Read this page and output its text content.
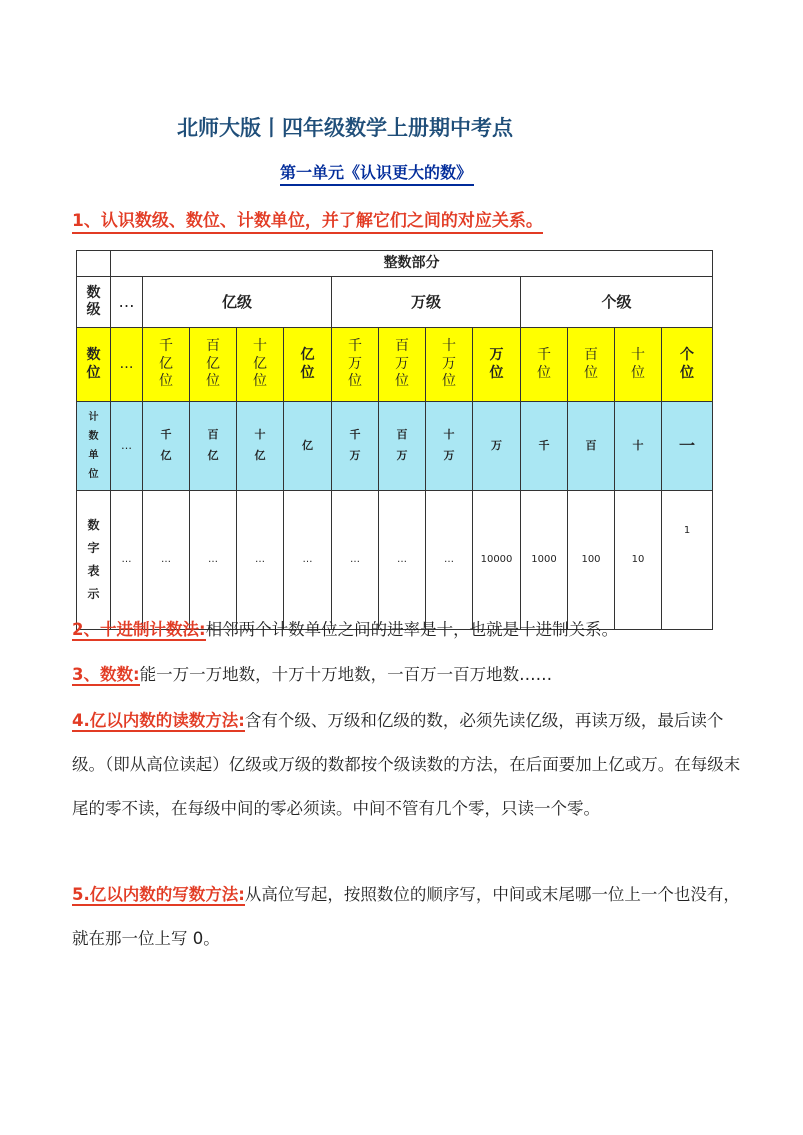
北师大版丨四年级数学上册期中考点
第一单元《认识更大的数》
1、认识数级、数位、计数单位，并了解它们之间的对应关系。
	整数部分												
数级	…	亿级				万级				个级			
数位	…	千亿位	百亿位	十亿位	亿位	千万位	百万位	十万位	万位	千位	百位	十位	个位
计数单位	…	千亿	百亿	十亿	亿	千万	百万	十万	万	千	百	十	一
数字表示	…	…	…	…	…	…	…	…	10000	1000	100	10	1
2、十进制计数法:相邻两个计数单位之间的进率是十，也就是十进制关系。
3、数数:能一万一万地数，十万十万地数，一百万一百万地数……
4.亿以内数的读数方法:含有个级、万级和亿级的数，必须先读亿级，再读万级，最后读个级。（即从高位读起）亿级或万级的数都按个级读数的方法，在后面要加上亿或万。在每级末尾的零不读，在每级中间的零必须读。中间不管有几个零，只读一个零。
5.亿以内数的写数方法:从高位写起，按照数位的顺序写，中间或末尾哪一位上一个也没有，就在那一位上写 0。
